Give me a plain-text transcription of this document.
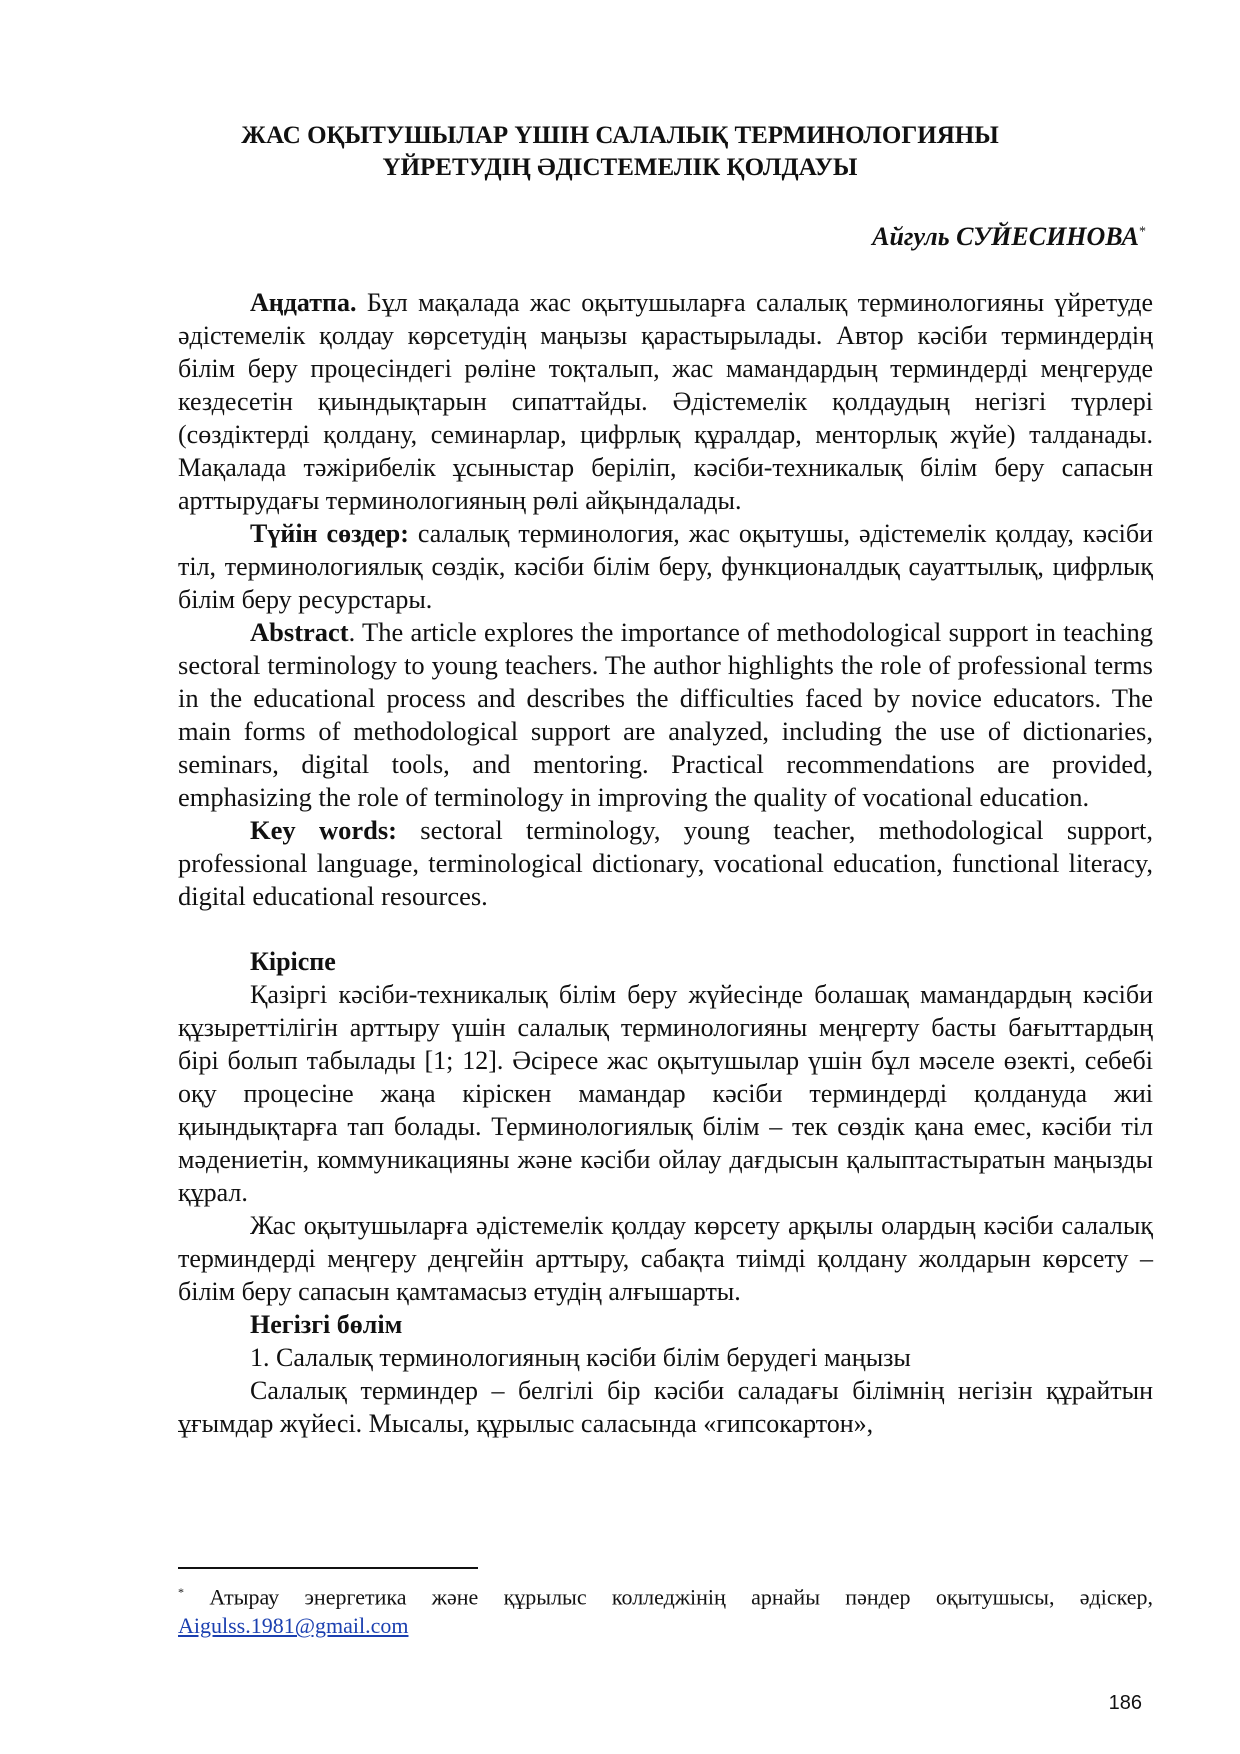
ЖАС ОҚЫТУШЫЛАР ҮШІН САЛАЛЫҚ ТЕРМИНОЛОГИЯНЫ
ҮЙРЕТУДІҢ ӘДІСТЕМЕЛІК ҚОЛДАУЫ
Айгуль СУЙЕСИНОВА*

Аңдатпа. Бұл мақалада жас оқытушыларға салалық терминологияны үйретуде әдістемелік қолдау көрсетудің маңызы қарастырылады. Автор кәсіби терминдердің білім беру процесіндегі рөліне тоқталып, жас мамандардың терминдерді меңгеруде кездесетін қиындықтарын сипаттайды. Әдістемелік қолдаудың негізгі түрлері (сөздіктерді қолдану, семинарлар, цифрлық құралдар, менторлық жүйе) талданады. Мақалада тәжірибелік ұсыныстар беріліп, кәсіби-техникалық білім беру сапасын арттырудағы терминологияның рөлі айқындалады.

Түйін сөздер: салалық терминология, жас оқытушы, әдістемелік қолдау, кәсіби тіл, терминологиялық сөздік, кәсіби білім беру, функционалдық сауаттылық, цифрлық білім беру ресурстары.

Abstract. The article explores the importance of methodological support in teaching sectoral terminology to young teachers. The author highlights the role of professional terms in the educational process and describes the difficulties faced by novice educators. The main forms of methodological support are analyzed, including the use of dictionaries, seminars, digital tools, and mentoring. Practical recommendations are provided, emphasizing the role of terminology in improving the quality of vocational education.

Key words: sectoral terminology, young teacher, methodological support, professional language, terminological dictionary, vocational education, functional literacy, digital educational resources.

Кіріспе

Қазіргі кәсіби-техникалық білім беру жүйесінде болашақ мамандардың кәсіби құзыреттілігін арттыру үшін салалық терминологияны меңгерту басты бағыттардың бірі болып табылады [1; 12]. Әсіресе жас оқытушылар үшін бұл мәселе өзекті, себебі оқу процесіне жаңа кіріскен мамандар кәсіби терминдерді қолдануда жиі қиындықтарға тап болады. Терминологиялық білім – тек сөздік қана емес, кәсіби тіл мәдениетін, коммуникацияны және кәсіби ойлау дағдысын қалыптастыратын маңызды құрал.

Жас оқытушыларға әдістемелік қолдау көрсету арқылы олардың кәсіби салалық терминдерді меңгеру деңгейін арттыру, сабақта тиімді қолдану жолдарын көрсету – білім беру сапасын қамтамасыз етудің алғышарты.

Негізгі бөлім

1. Салалық терминологияның кәсіби білім берудегі маңызы

Салалық терминдер – белгілі бір кәсіби саладағы білімнің негізін құрайтын ұғымдар жүйесі. Мысалы, құрылыс саласында «гипсокартон»,

* Атырау энергетика және құрылыс колледжінің арнайы пәндер оқытушысы, әдіскер, Aigulss.1981@gmail.com
186
